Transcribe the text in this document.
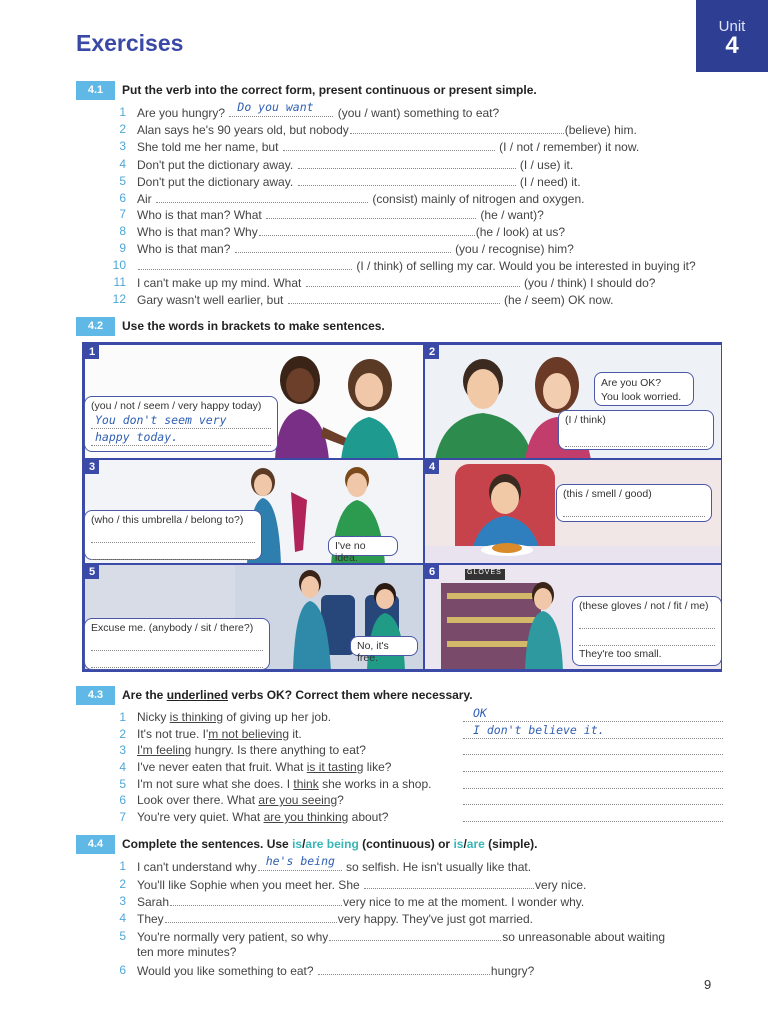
Exercises
Unit
4
4.1	Put the verb into the correct form, present continuous or present simple.
1 Are you hungry? Do you want (you / want) something to eat?
2 Alan says he's 90 years old, but nobody	(believe) him.
3 She told me her name, but	(I / not / remember) it now.
4 Don't put the dictionary away.	(I / use) it.
5 Don't put the dictionary away.	(I / need) it.
6 Air	(consist) mainly of nitrogen and oxygen.
7 Who is that man? What	(he / want)?
8 Who is that man? Why	(he / look) at us?
9 Who is that man?	(you / recognise) him?
10	(I / think) of selling my car. Would you be interested in buying it?
11 I can't make up my mind. What	(you / think) I should do?
12 Gary wasn't well earlier, but	(he / seem) OK now.
4.2	Use the words in brackets to make sentences.
1	2
3	4
5	6	GLOVES
(you / not / seem / very happy today)
You don't seem very
happy today.
Are you OK?
You look worried.
(I / think)
(who / this umbrella / belong to?)
I've no idea.
(this / smell / good)
Excuse me. (anybody / sit / there?)
No, it's free.
(these gloves / not / fit / me)
They're too small.
4.3	Are the underlined verbs OK? Correct them where necessary.
1 Nicky is thinking of giving up her job.	OK
2 It's not true. I'm not believing it.	I don't believe it.
3 I'm feeling hungry. Is there anything to eat?
4 I've never eaten that fruit. What is it tasting like?
5 I'm not sure what she does. I think she works in a shop.
6 Look over there. What are you seeing?
7 You're very quiet. What are you thinking about?
4.4	Complete the sentences. Use is/are being (continuous) or is/are (simple).
1 I can't understand why he's being so selfish. He isn't usually like that.
2 You'll like Sophie when you meet her. She	very nice.
3 Sarah	very nice to me at the moment. I wonder why.
4 They	very happy. They've just got married.
5 You're normally very patient, so why	so unreasonable about waiting
ten more minutes?
6 Would you like something to eat?	hungry?
9
